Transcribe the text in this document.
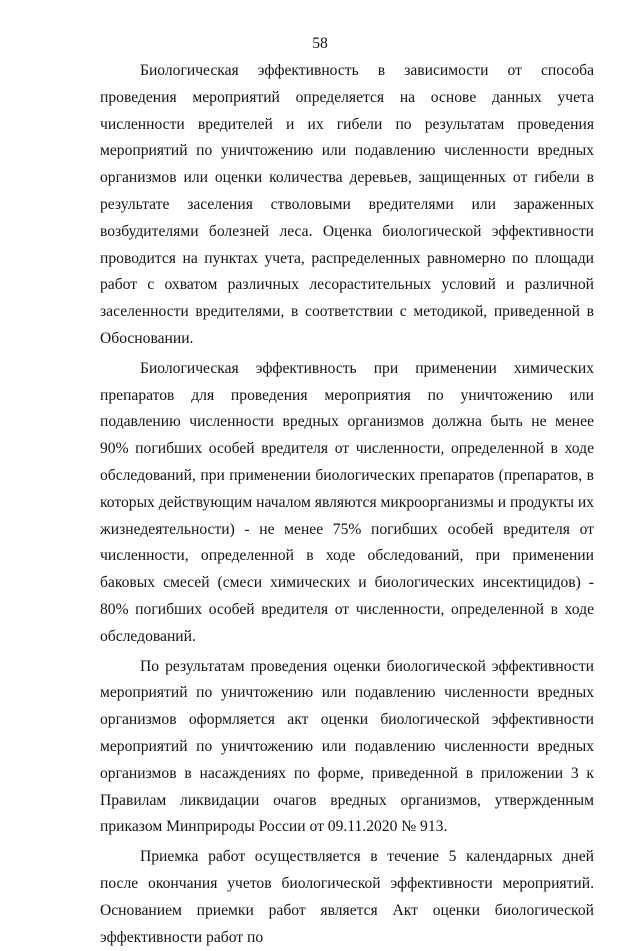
58

Биологическая эффективность в зависимости от способа проведения мероприятий определяется на основе данных учета численности вредителей и их гибели по результатам проведения мероприятий по уничтожению или подавлению численности вредных организмов или оценки количества деревьев, защищенных от гибели в результате заселения стволовыми вредителями или зараженных возбудителями болезней леса. Оценка биологической эффективности проводится на пунктах учета, распределенных равномерно по площади работ с охватом различных лесорастительных условий и различной заселенности вредителями, в соответствии с методикой, приведенной в Обосновании.

Биологическая эффективность при применении химических препаратов для проведения мероприятия по уничтожению или подавлению численности вредных организмов должна быть не менее 90% погибших особей вредителя от численности, определенной в ходе обследований, при применении биологических препаратов (препаратов, в которых действующим началом являются микроорганизмы и продукты их жизнедеятельности) - не менее 75% погибших особей вредителя от численности, определенной в ходе обследований, при применении баковых смесей (смеси химических и биологических инсектицидов) - 80% погибших особей вредителя от численности, определенной в ходе обследований.

По результатам проведения оценки биологической эффективности мероприятий по уничтожению или подавлению численности вредных организмов оформляется акт оценки биологической эффективности мероприятий по уничтожению или подавлению численности вредных организмов в насаждениях по форме, приведенной в приложении 3 к Правилам ликвидации очагов вредных организмов, утвержденным приказом Минприроды России от 09.11.2020 № 913.

Приемка работ осуществляется в течение 5 календарных дней после окончания учетов биологической эффективности мероприятий. Основанием приемки работ является Акт оценки биологической эффективности работ по
